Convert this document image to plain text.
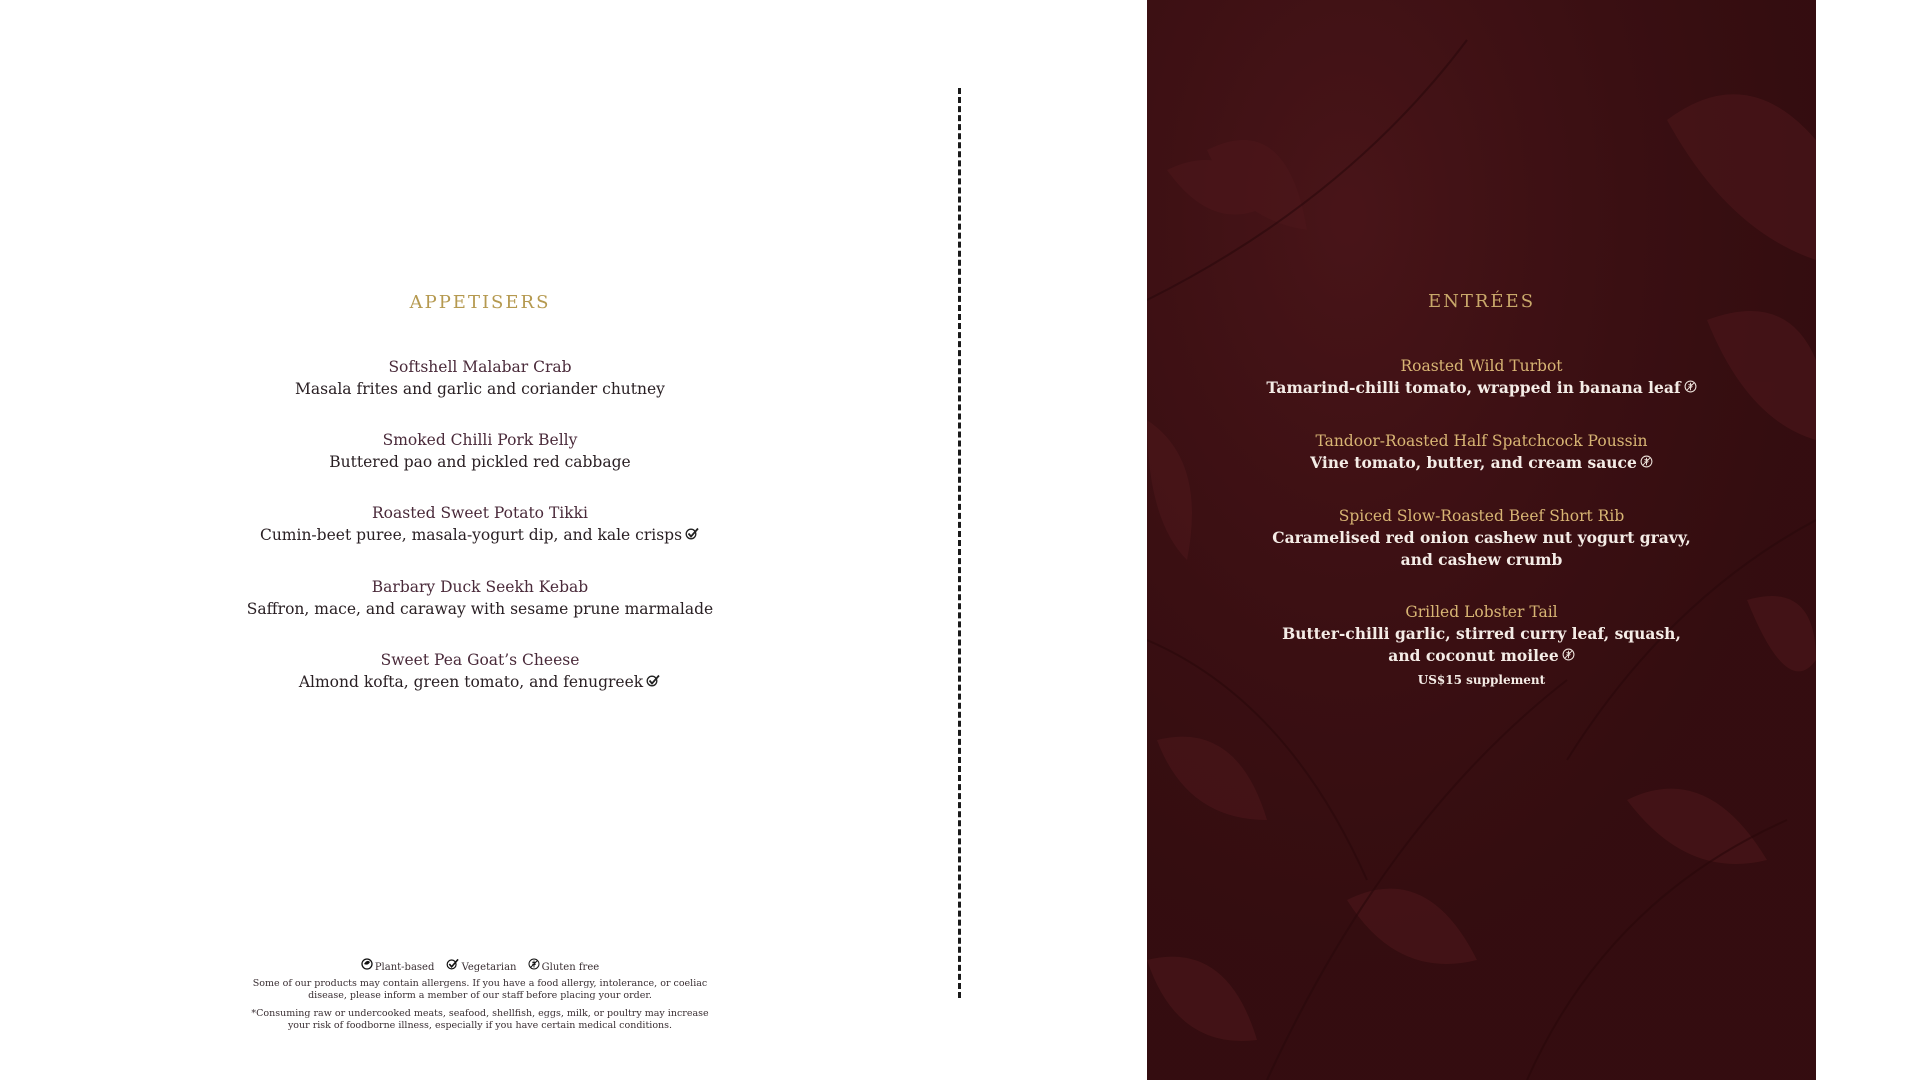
APPETISERS
Softshell Malabar Crab
Masala frites and garlic and coriander chutney
Smoked Chilli Pork Belly
Buttered pao and pickled red cabbage
Roasted Sweet Potato Tikki
Cumin-beet puree, masala-yogurt dip, and kale crisps
Barbary Duck Seekh Kebab
Saffron, mace, and caraway with sesame prune marmalade
Sweet Pea Goat’s Cheese
Almond kofta, green tomato, and fenugreek
Plant-based	Vegetarian	Gluten free
Some of our products may contain allergens. If you have a food allergy, intolerance, or coeliac
disease, please inform a member of our staff before placing your order.
*Consuming raw or undercooked meats, seafood, shellfish, eggs, milk, or poultry may increase
your risk of foodborne illness, especially if you have certain medical conditions.
ENTRÉES
Roasted Wild Turbot
Tamarind-chilli tomato, wrapped in banana leaf
Tandoor-Roasted Half Spatchcock Poussin
Vine tomato, butter, and cream sauce
Spiced Slow-Roasted Beef Short Rib
Caramelised red onion cashew nut yogurt gravy,
and cashew crumb
Grilled Lobster Tail
Butter-chilli garlic, stirred curry leaf, squash,
and coconut moilee
US$15 supplement
